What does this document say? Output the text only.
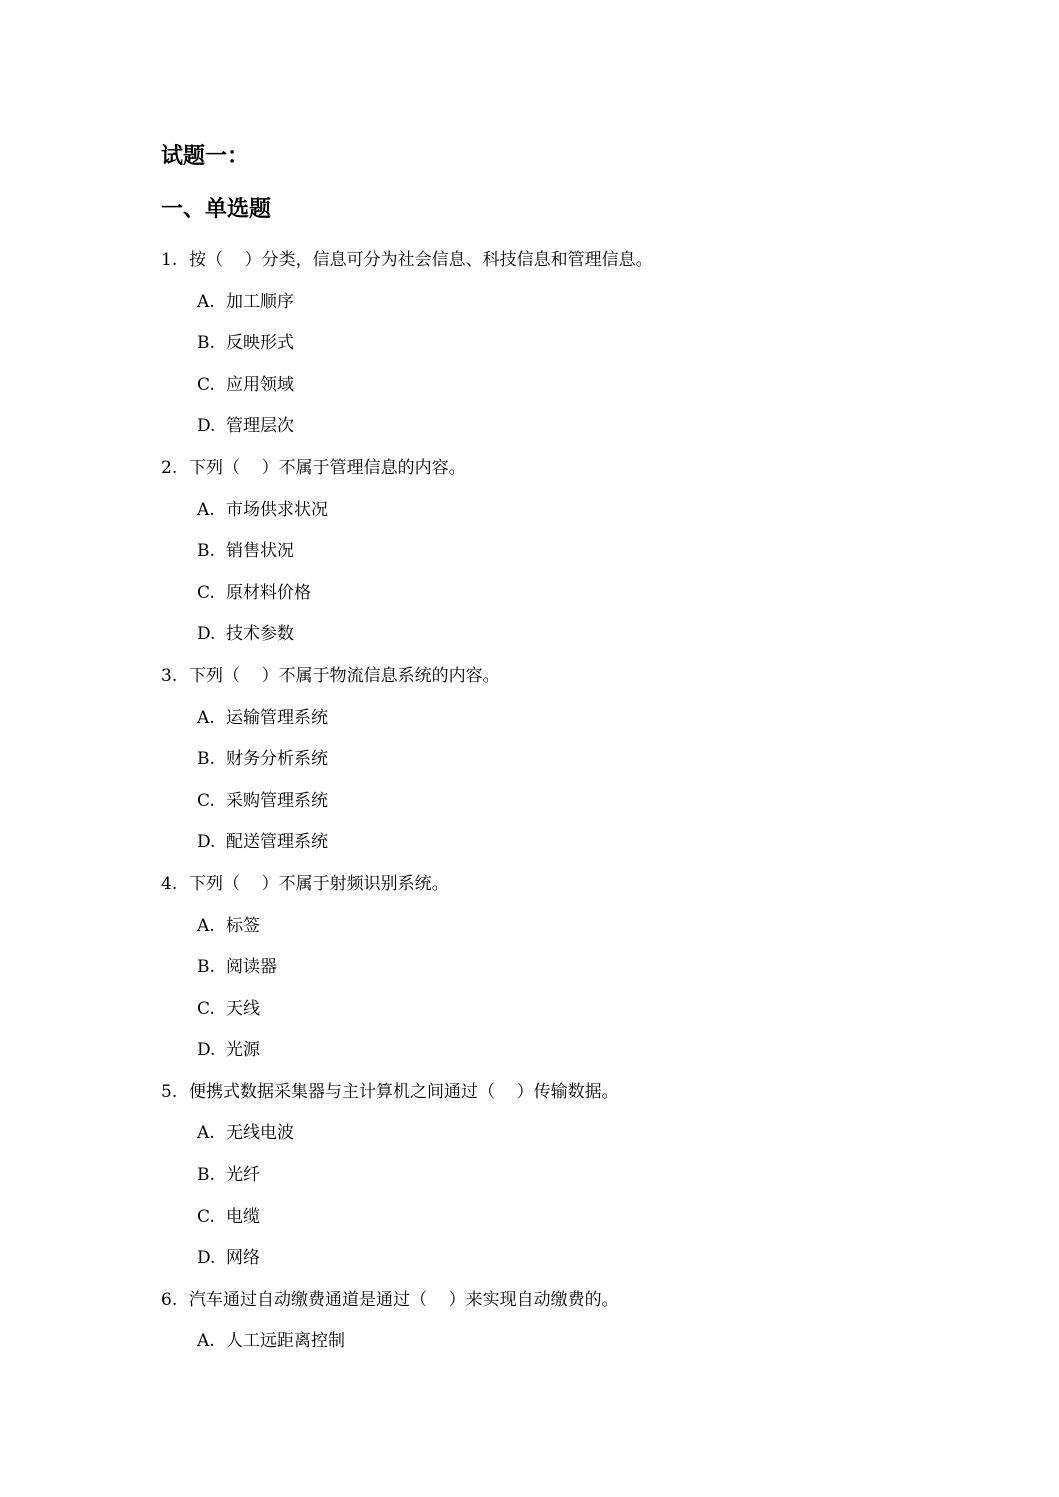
试题一：
一、单选题
1. 按（    ）分类，信息可分为社会信息、科技信息和管理信息。
A. 加工顺序
B. 反映形式
C. 应用领域
D. 管理层次
2. 下列（    ）不属于管理信息的内容。
A. 市场供求状况
B. 销售状况
C. 原材料价格
D. 技术参数
3. 下列（    ）不属于物流信息系统的内容。
A. 运输管理系统
B. 财务分析系统
C. 采购管理系统
D. 配送管理系统
4. 下列（    ）不属于射频识别系统。
A. 标签
B. 阅读器
C. 天线
D. 光源
5. 便携式数据采集器与主计算机之间通过（    ）传输数据。
A. 无线电波
B. 光纤
C. 电缆
D. 网络
6. 汽车通过自动缴费通道是通过（    ）来实现自动缴费的。
A. 人工远距离控制
